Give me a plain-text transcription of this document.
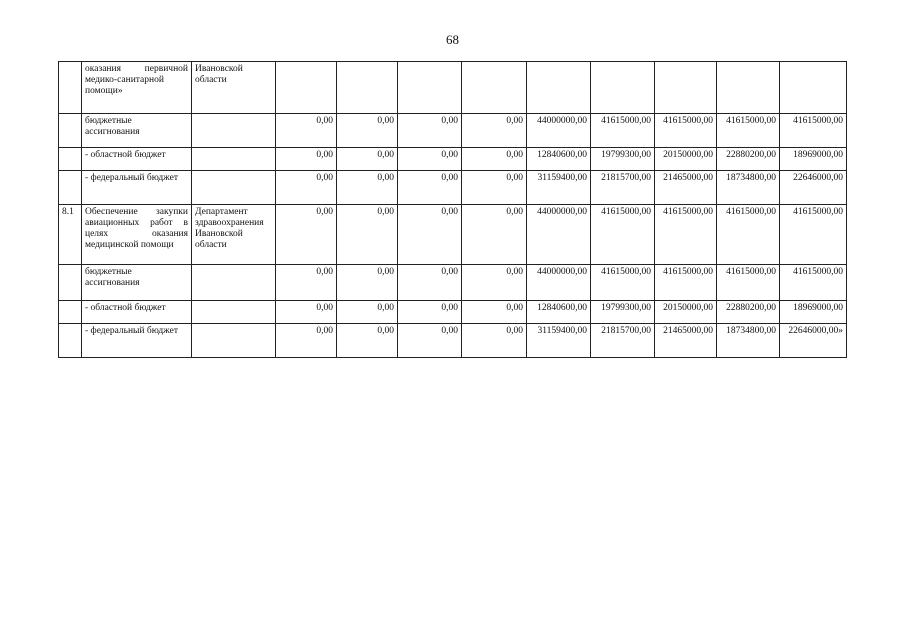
68
	оказания первичной медико-санитарной помощи»	Ивановской области									
	бюджетные ассигнования		0,00	0,00	0,00	0,00	44000000,00	41615000,00	41615000,00	41615000,00	41615000,00
	- областной бюджет		0,00	0,00	0,00	0,00	12840600,00	19799300,00	20150000,00	22880200,00	18969000,00
	- федеральный бюджет		0,00	0,00	0,00	0,00	31159400,00	21815700,00	21465000,00	18734800,00	22646000,00
8.1	Обеспечение закупки авиационных работ в целях оказания медицинской помощи	Департамент здравоохранения Ивановской области	0,00	0,00	0,00	0,00	44000000,00	41615000,00	41615000,00	41615000,00	41615000,00
	бюджетные ассигнования		0,00	0,00	0,00	0,00	44000000,00	41615000,00	41615000,00	41615000,00	41615000,00
	- областной бюджет		0,00	0,00	0,00	0,00	12840600,00	19799300,00	20150000,00	22880200,00	18969000,00
	- федеральный бюджет		0,00	0,00	0,00	0,00	31159400,00	21815700,00	21465000,00	18734800,00	22646000,00»
